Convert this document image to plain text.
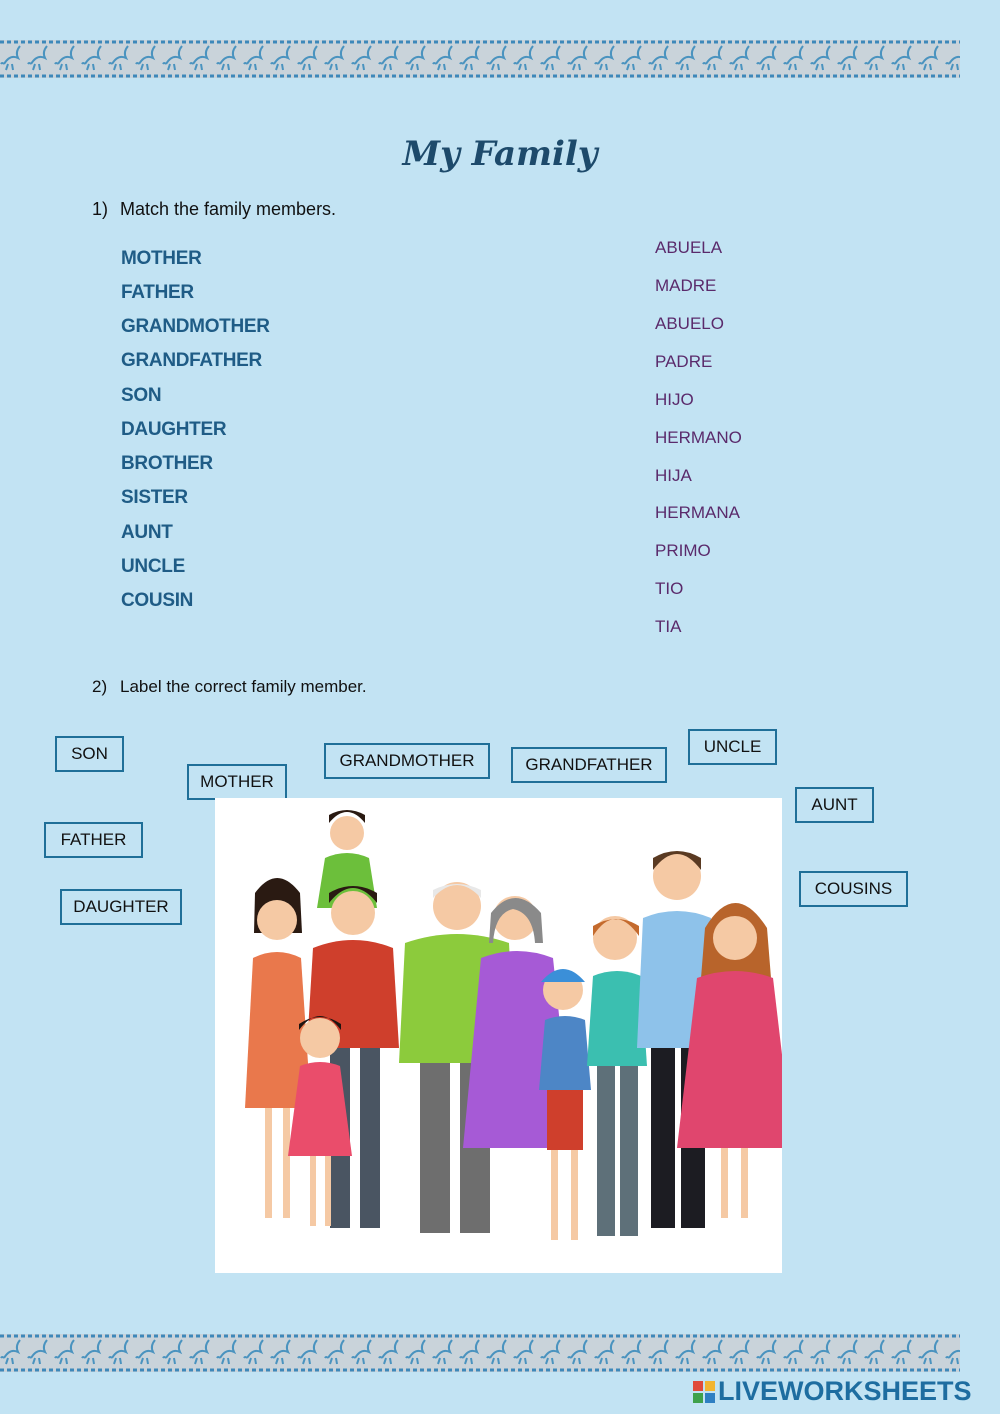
My Family
1) Match the family members.
MOTHER
FATHER
GRANDMOTHER
GRANDFATHER
SON
DAUGHTER
BROTHER
SISTER
AUNT
UNCLE
COUSIN
ABUELA
MADRE
ABUELO
PADRE
HIJO
HERMANO
HIJA
HERMANA
PRIMO
TIO
TIA
2) Label the correct family member.
SON
MOTHER
GRANDMOTHER	GRANDFATHER
UNCLE
AUNT
FATHER
DAUGHTER
COUSINS
LIVEWORKSHEETS
